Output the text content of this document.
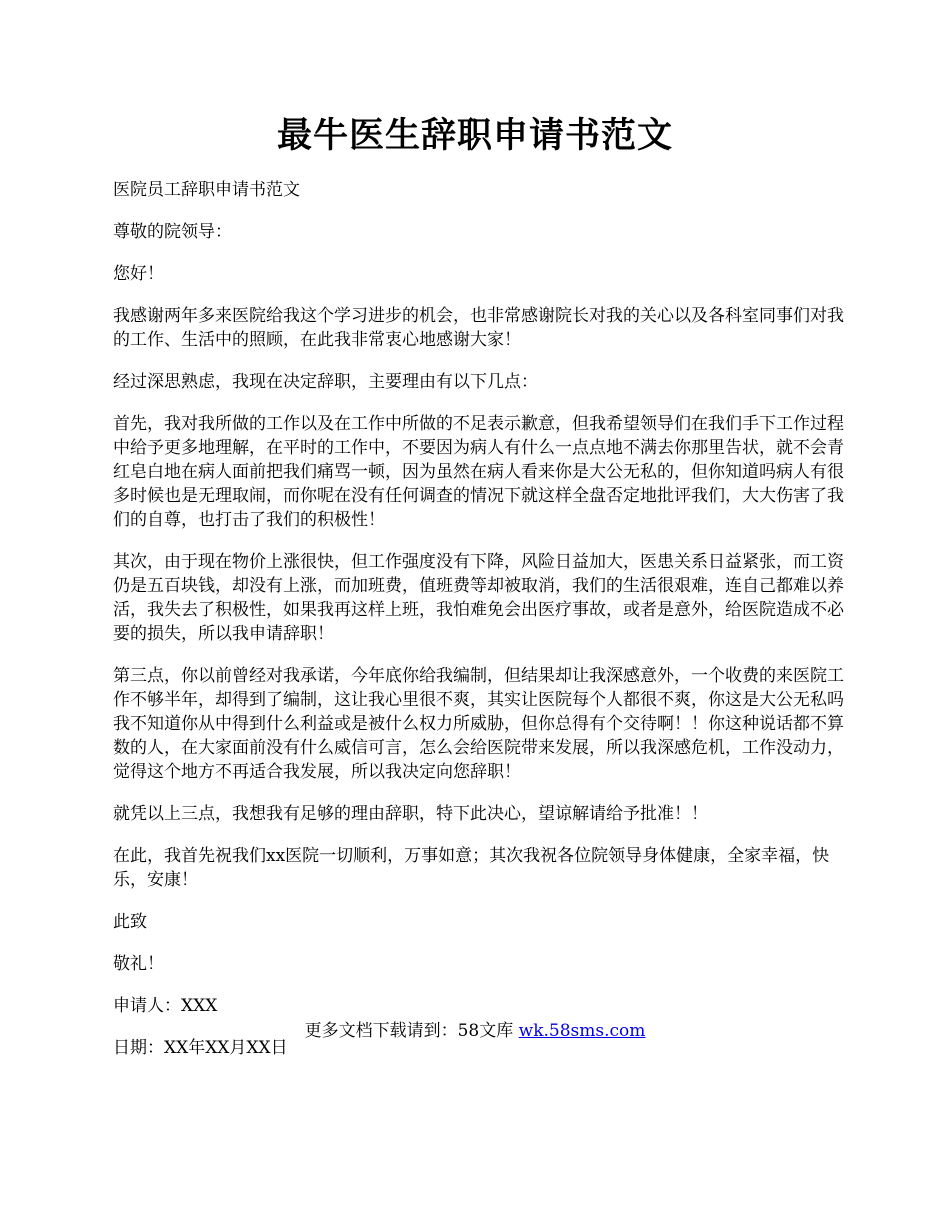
最牛医生辞职申请书范文

医院员工辞职申请书范文

尊敬的院领导：

您好！

我感谢两年多来医院给我这个学习进步的机会，也非常感谢院长对我的关心以及各科室同事们对我的工作、生活中的照顾，在此我非常衷心地感谢大家！

经过深思熟虑，我现在决定辞职，主要理由有以下几点：

首先，我对我所做的工作以及在工作中所做的不足表示歉意，但我希望领导们在我们手下工作过程中给予更多地理解，在平时的工作中，不要因为病人有什么一点点地不满去你那里告状，就不会青红皂白地在病人面前把我们痛骂一顿，因为虽然在病人看来你是大公无私的，但你知道吗病人有很多时候也是无理取闹，而你呢在没有任何调查的情况下就这样全盘否定地批评我们，大大伤害了我们的自尊，也打击了我们的积极性！

其次，由于现在物价上涨很快，但工作强度没有下降，风险日益加大，医患关系日益紧张，而工资仍是五百块钱，却没有上涨，而加班费，值班费等却被取消，我们的生活很艰难，连自己都难以养活，我失去了积极性，如果我再这样上班，我怕难免会出医疗事故，或者是意外，给医院造成不必要的损失，所以我申请辞职！

第三点，你以前曾经对我承诺，今年底你给我编制，但结果却让我深感意外，一个收费的来医院工作不够半年，却得到了编制，这让我心里很不爽，其实让医院每个人都很不爽，你这是大公无私吗我不知道你从中得到什么利益或是被什么权力所威胁，但你总得有个交待啊！！你这种说话都不算数的人，在大家面前没有什么威信可言，怎么会给医院带来发展，所以我深感危机，工作没动力，觉得这个地方不再适合我发展，所以我决定向您辞职！

就凭以上三点，我想我有足够的理由辞职，特下此决心，望谅解请给予批准！！

在此，我首先祝我们xx医院一切顺利，万事如意；其次我祝各位院领导身体健康，全家幸福，快乐，安康！

此致

敬礼！

申请人：XXX

日期：XX年XX月XX日

更多文档下载请到：58文库 wk.58sms.com
